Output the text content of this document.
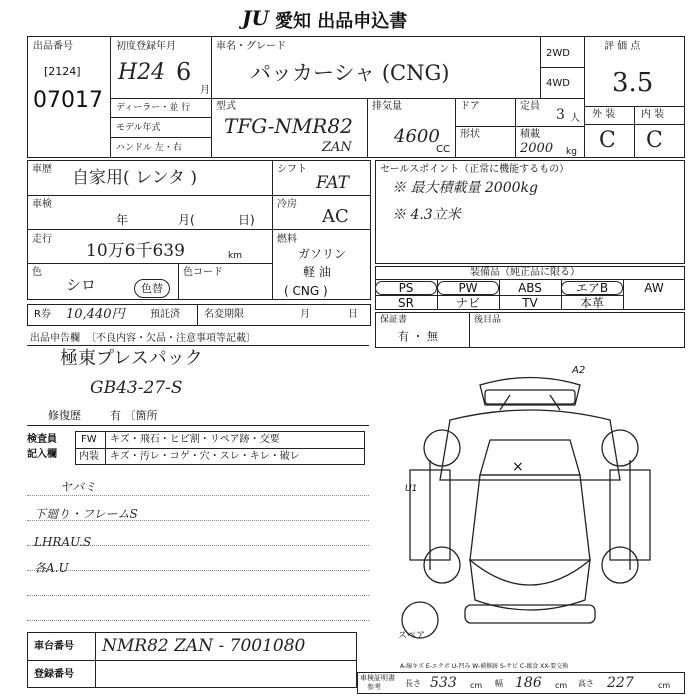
JU 愛知 出品申込書
出品番号
[2124]
07017
初度登録年月
H24 6
月
車名・グレード
パッカーシャ (CNG)
2WD
4WD
評 価 点
3.5
外 装	内 装
C C
ディーラー・並 行
モデル年式
ハンドル 左・右
型式
TFG-NMR82
ZAN
排気量
4600
CC
ドア
形状
定員
3 人
積載
2000 kg
車歴 自家用( レンタ )	シフト
FAT
車検
年	月(	日)
冷房
AC
走行
10万6千639	km
燃料
ガソリン
軽 油
( CNG )
色
シロ	色替
色コード
R券 10,440円	預託済 名変期限	月	日
セールスポイント（正常に機能するもの）
※ 最大積載量 2000kg
※ 4.3立米
装備品（純正品に限る）
PS	PW	ABS	エアB	AW
SR	ナビ	TV	本革
保証書
有 ・ 無
後目品
出品申告欄 〔不良内容・欠品・注意事項等記載〕
極東プレスパック
GB43-27-S
修復歴	有 〔箇所
検査員
記入欄
FW キズ・飛石・ヒビ割・リペア跡・交要
内装 キズ・汚レ・コゲ・穴・スレ・キレ・破レ
ヤバミ
下廻り・フレームS
LHRAU.S
各A.U
車台番号 NMR82 ZAN - 7001080
登録番号
A2
×
U1
スペア
A-線キズ E-エクボ U-凹み W-補修跡 S-サビ C-腐食 XX-要交換
車検証明書
参考	長さ 533 cm 幅 186 cm 高さ 227	cm
